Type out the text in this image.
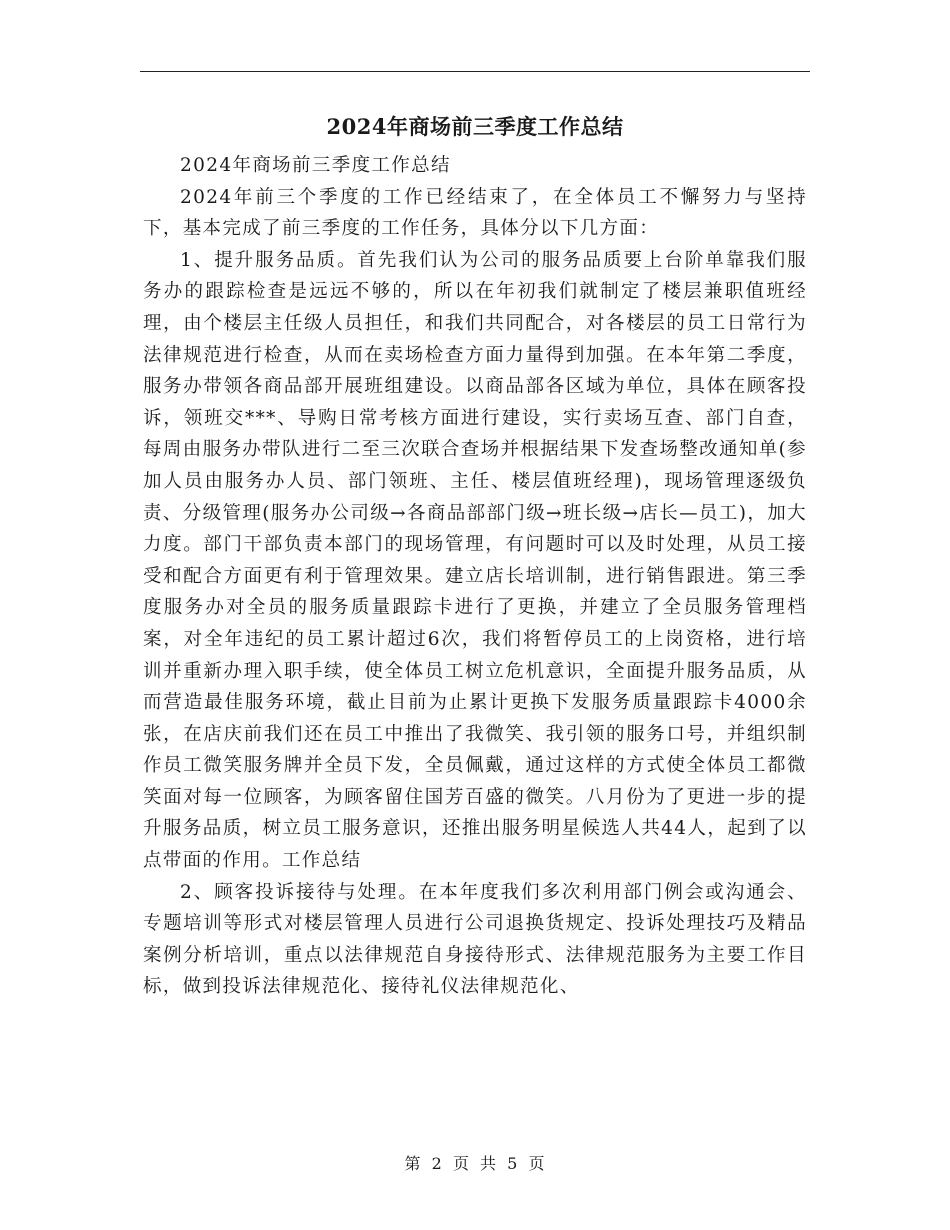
2024年商场前三季度工作总结

2024年商场前三季度工作总结

2024年前三个季度的工作已经结束了，在全体员工不懈努力与坚持下，基本完成了前三季度的工作任务，具体分以下几方面：

1、提升服务品质。首先我们认为公司的服务品质要上台阶单靠我们服务办的跟踪检查是远远不够的，所以在年初我们就制定了楼层兼职值班经理，由个楼层主任级人员担任，和我们共同配合，对各楼层的员工日常行为法律规范进行检查，从而在卖场检查方面力量得到加强。在本年第二季度，服务办带领各商品部开展班组建设。以商品部各区域为单位，具体在顾客投诉，领班交***、导购日常考核方面进行建设，实行卖场互查、部门自查，每周由服务办带队进行二至三次联合查场并根据结果下发查场整改通知单(参加人员由服务办人员、部门领班、主任、楼层值班经理)，现场管理逐级负责、分级管理(服务办公司级→各商品部部门级→班长级→店长—员工)，加大力度。部门干部负责本部门的现场管理，有问题时可以及时处理，从员工接受和配合方面更有利于管理效果。建立店长培训制，进行销售跟进。第三季度服务办对全员的服务质量跟踪卡进行了更换，并建立了全员服务管理档案，对全年违纪的员工累计超过6次，我们将暂停员工的上岗资格，进行培训并重新办理入职手续，使全体员工树立危机意识，全面提升服务品质，从而营造最佳服务环境，截止目前为止累计更换下发服务质量跟踪卡4000余张，在店庆前我们还在员工中推出了我微笑、我引领的服务口号，并组织制作员工微笑服务牌并全员下发，全员佩戴，通过这样的方式使全体员工都微笑面对每一位顾客，为顾客留住国芳百盛的微笑。八月份为了更进一步的提升服务品质，树立员工服务意识，还推出服务明星候选人共44人，起到了以点带面的作用。工作总结

2、顾客投诉接待与处理。在本年度我们多次利用部门例会或沟通会、专题培训等形式对楼层管理人员进行公司退换货规定、投诉处理技巧及精品案例分析培训，重点以法律规范自身接待形式、法律规范服务为主要工作目标，做到投诉法律规范化、接待礼仪法律规范化、

第 2 页 共 5 页
